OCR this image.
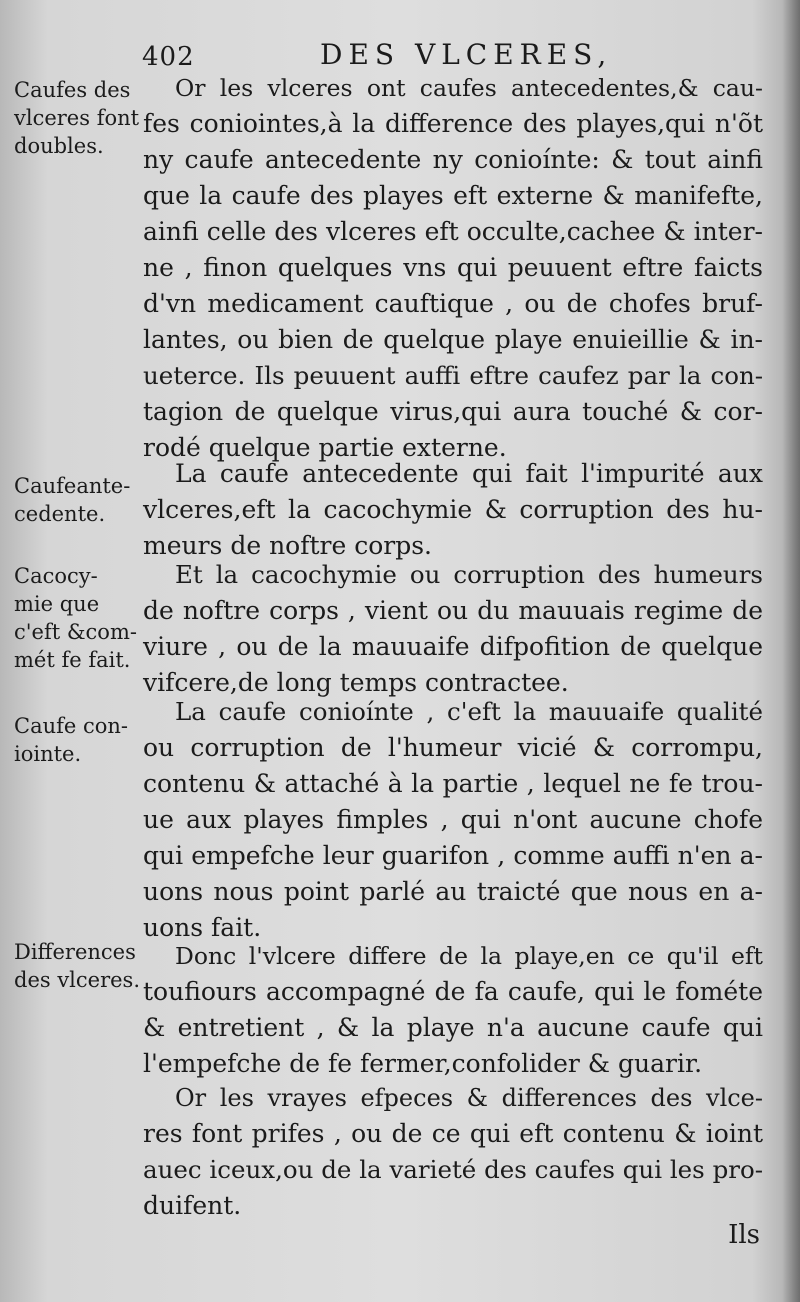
402	DES VLCERES,
Caufes des
vlceres font
doubles.
Caufeante-
cedente.
Cacocy-
mie que
c'eft &com-
mét fe fait.
Caufe con-
iointe.
Differences
des vlceres.
Or les vlceres ont caufes antecedentes,& cau-
fes coniointes,à la difference des playes,qui n'õt
ny caufe antecedente ny conioínte: & tout ainfi
que la caufe des playes eft externe & manifefte,
ainfi celle des vlceres eft occulte,cachee & inter-
ne , finon quelques vns qui peuuent eftre faicts
d'vn medicament cauftique , ou de chofes bruf-
lantes, ou bien de quelque playe enuieillie & in-
ueterce. Ils peuuent auffi eftre caufez par la con-
tagion de quelque virus,qui aura touché & cor-
rodé quelque partie externe.
La caufe antecedente qui fait l'impurité aux
vlceres,eft la cacochymie & corruption des hu-
meurs de noftre corps.
Et la cacochymie ou corruption des humeurs
de noftre corps , vient ou du mauuais regime de
viure , ou de la mauuaife difpofition de quelque
vifcere,de long temps contractee.
La caufe conioínte , c'eft la mauuaife qualité
ou corruption de l'humeur vicié & corrompu,
contenu & attaché à la partie , lequel ne fe trou-
ue aux playes fimples , qui n'ont aucune chofe
qui empefche leur guarifon , comme auffi n'en a-
uons nous point parlé au traicté que nous en a-
uons fait.
Donc l'vlcere differe de la playe,en ce qu'il eft
toufiours accompagné de fa caufe, qui le fométe
& entretient , & la playe n'a aucune caufe qui
l'empefche de fe fermer,confolider & guarir.
Or les vrayes efpeces & differences des vlce-
res font prifes , ou de ce qui eft contenu & ioint
auec iceux,ou de la varieté des caufes qui les pro-
duifent.
Ils
